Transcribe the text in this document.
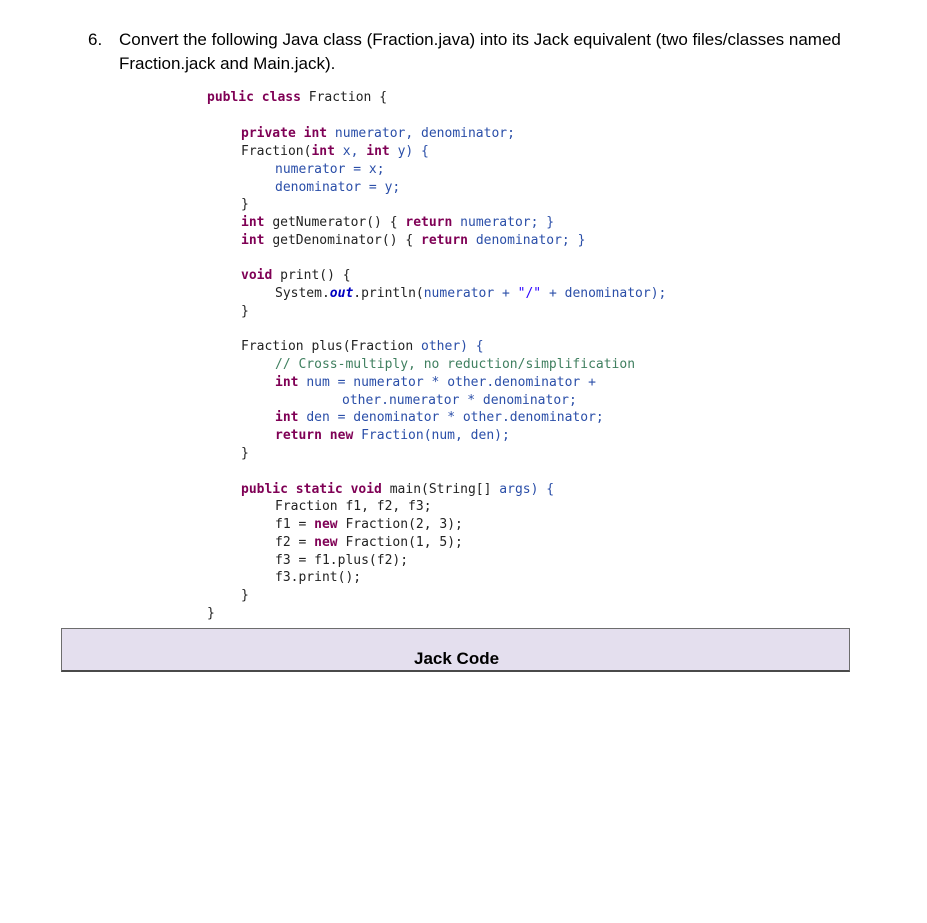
6. Convert the following Java class (Fraction.java) into its Jack equivalent (two files/classes named Fraction.jack and Main.jack).
public class Fraction {
private int numerator, denominator;
Fraction(int x, int y) {
numerator = x;
denominator = y;
}
int getNumerator() { return numerator; }
int getDenominator() { return denominator; }
void print() {
System.out.println(numerator + "/" + denominator);
}
Fraction plus(Fraction other) {
// Cross-multiply, no reduction/simplification
int num = numerator * other.denominator +
other.numerator * denominator;
int den = denominator * other.denominator;
return new Fraction(num, den);
}
public static void main(String[] args) {
Fraction f1, f2, f3;
f1 = new Fraction(2, 3);
f2 = new Fraction(1, 5);
f3 = f1.plus(f2);
f3.print();
}
}
Jack Code
